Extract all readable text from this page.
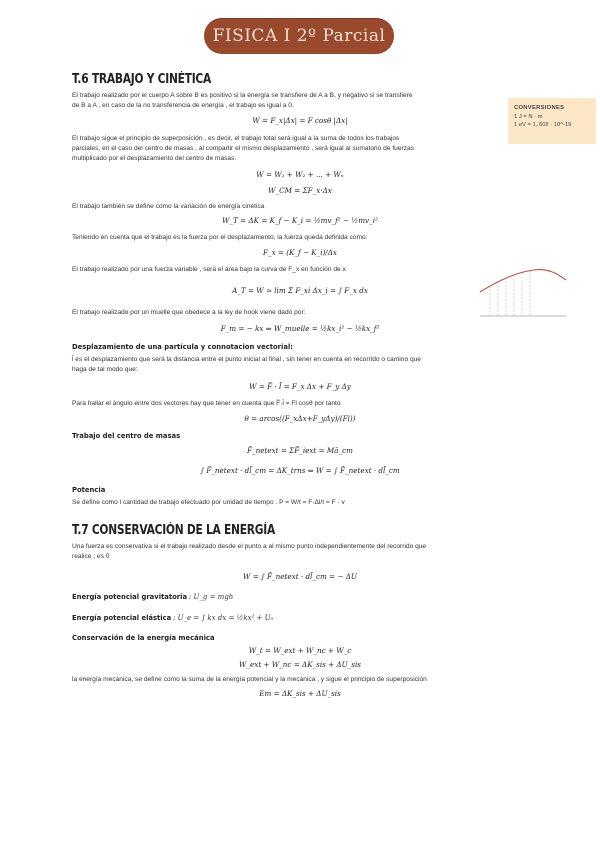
FISICA I 2º Parcial
CONVERSIONES
1 J = N · m
1 eV = 1, 602 · 10^-19
T.6 TRABAJO Y CINÉTICA
El trabajo realizado por el cuerpo A sobre B es positivo si la energía se transfiere de A a B, y negativo si se transfiere
de B a A , en caso de la no transferencia de energía , el trabajo es igual a 0.
W = F_x|Δx| = F cosθ |Δx|
El trabajo sigue el principio de superposición , es decir, el trabajo total será igual a la suma de todos los trabajos
parciales, en el caso del centro de masas , al compartir el mismo desplazamiento , será igual al sumatorio de fuerzas
multiplicado por el desplazamiento del centro de masas.
W = W₁ + W₂ + ... + Wₙ
W_CM = ΣF_x·Δx
El trabajo también se define como la variación de energía cinética
W_T = ΔK = K_f − K_i = ½mv_f² − ½mv_i²
Teniendo en cuenta que el trabajo es la fuerza por el desplazamiento, la fuerza queda definida como:
F_x = (K_f − K_i)/Δx
El trabajo realizado por una fuerza variable , será el área bajo la curva de F_x en función de x
A_T = W ≃ lim Σ F_xi Δx_i = ∫ F_x dx
El trabajo realizado por un muelle que obedece a la ley de hook viene dado por:
F_m = − kx ⇔ W_muelle = ½kx_i² − ½kx_f²
Desplazamiento de una partícula y connotacion vectorial:
l̄ es el desplazamiento que será la distancia entre el punto inicial al final , sin tener en cuenta en recorrido o camino que
haga de tal modo que:
W = F̄ · l̄ = F_x Δx + F_y Δy
Para hallar el ángulo entre dos vectores hay que tener en cuenta que F̄·l̄ = Fl cosθ por tanto
θ = arcos((F_xΔx+F_yΔy)/(Fl))
Trabajo del centro de masas
F̄_netext = ΣF̄_iext = Mā_cm
∫ F̄_netext · dl̄_cm = ΔK_trns ⇔ W = ∫ F̄_netext · dl̄_cm
Potencia
Se define como l cantidad de trabajo efectuado por unidad de tiempo . P = W/t = F·Δl/t = F · v
T.7 CONSERVACIÓN DE LA ENERGÍA
Una fuerza es conservativa si el trabajo realizado desde el punto a al mismo punto independientemente del recorrido que
realice , es 0
W = ∫ F̄_netext · dl̄_cm = − ΔU
Energía potencial gravitatoria : U_g = mgh
Energía potencial elástica : U_e = ∫ kx dx = ½kx² + U₀
Conservación de la energía mecánica
W_t = W_ext + W_nc + W_c
W_ext + W_nc = ΔK_sis + ΔU_sis
la energía mecánica, se define como la suma de la energía potencial y la mecánica , y sigue el principio de superposición
Em = ΔK_sis + ΔU_sis
